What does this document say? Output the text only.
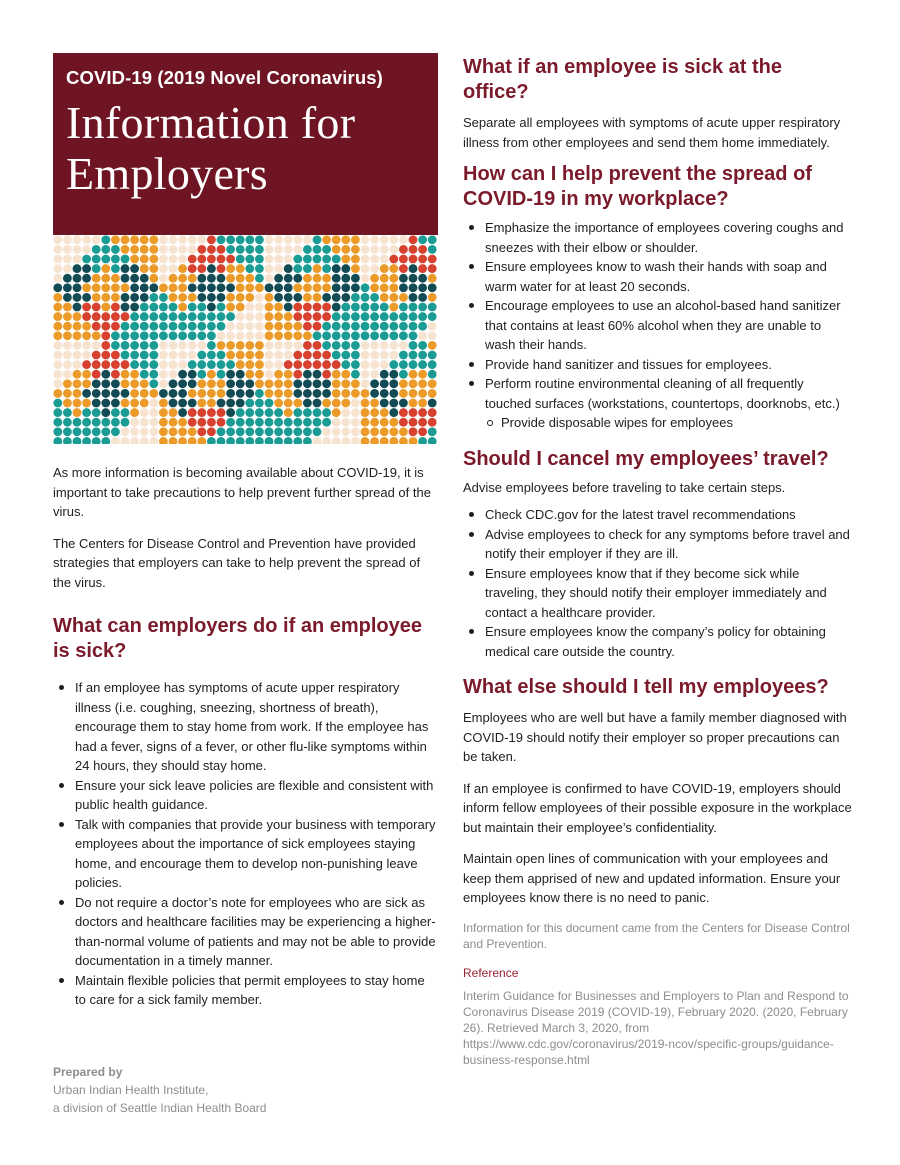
COVID-19 (2019 Novel Coronavirus)
Information for
Employers

As more information is becoming available about COVID-19, it is important to take precautions to help prevent further spread of the virus.

The Centers for Disease Control and Prevention have provided strategies that employers can take to help prevent the spread of the virus.

What can employers do if an employee
is sick?
If an employee has symptoms of acute upper respiratory illness (i.e. coughing, sneezing, shortness of breath), encourage them to stay home from work. If the employee has had a fever, signs of a fever, or other flu-like symptoms within 24 hours, they should stay home.
Ensure your sick leave policies are flexible and consistent with public health guidance.
Talk with companies that provide your business with temporary employees about the importance of sick employees staying home, and encourage them to develop non-punishing leave policies.
Do not require a doctor’s note for employees who are sick as doctors and healthcare facilities may be experiencing a higher-than-normal volume of patients and may not be able to provide documentation in a timely manner.
Maintain flexible policies that permit employees to stay home to care for a sick family member.
What if an employee is sick at the office?

Separate all employees with symptoms of acute upper respiratory illness from other employees and send them home immediately.

How can I help prevent the spread of
COVID-19 in my workplace?
Emphasize the importance of employees covering coughs and sneezes with their elbow or shoulder.
Ensure employees know to wash their hands with soap and warm water for at least 20 seconds.
Encourage employees to use an alcohol-based hand sanitizer that contains at least 60% alcohol when they are unable to wash their hands.
Provide hand sanitizer and tissues for employees.
Perform routine environmental cleaning of all frequently touched surfaces (workstations, countertops, doorknobs, etc.)
Provide disposable wipes for employees
Should I cancel my employees’ travel?

Advise employees before traveling to take certain steps.

Check CDC.gov for the latest travel recommendations
Advise employees to check for any symptoms before travel and notify their employer if they are ill.
Ensure employees know that if they become sick while traveling, they should notify their employer immediately and contact a healthcare provider.
Ensure employees know the company’s policy for obtaining medical care outside the country.
What else should I tell my employees?

Employees who are well but have a family member diagnosed with COVID-19 should notify their employer so proper precautions can be taken.

If an employee is confirmed to have COVID-19, employers should inform fellow employees of their possible exposure in the workplace but maintain their employee’s confidentiality.

Maintain open lines of communication with your employees and keep them apprised of new and updated information. Ensure your employees know there is no need to panic.

Information for this document came from the Centers for Disease Control and Prevention.
Reference
Interim Guidance for Businesses and Employers to Plan and Respond to Coronavirus Disease 2019 (COVID-19), February 2020. (2020, February 26). Retrieved March 3, 2020, from https://www.cdc.gov/coronavirus/2019-ncov/specific-groups/guidance-business-response.html
Prepared by
Urban Indian Health Institute,
a division of Seattle Indian Health Board
